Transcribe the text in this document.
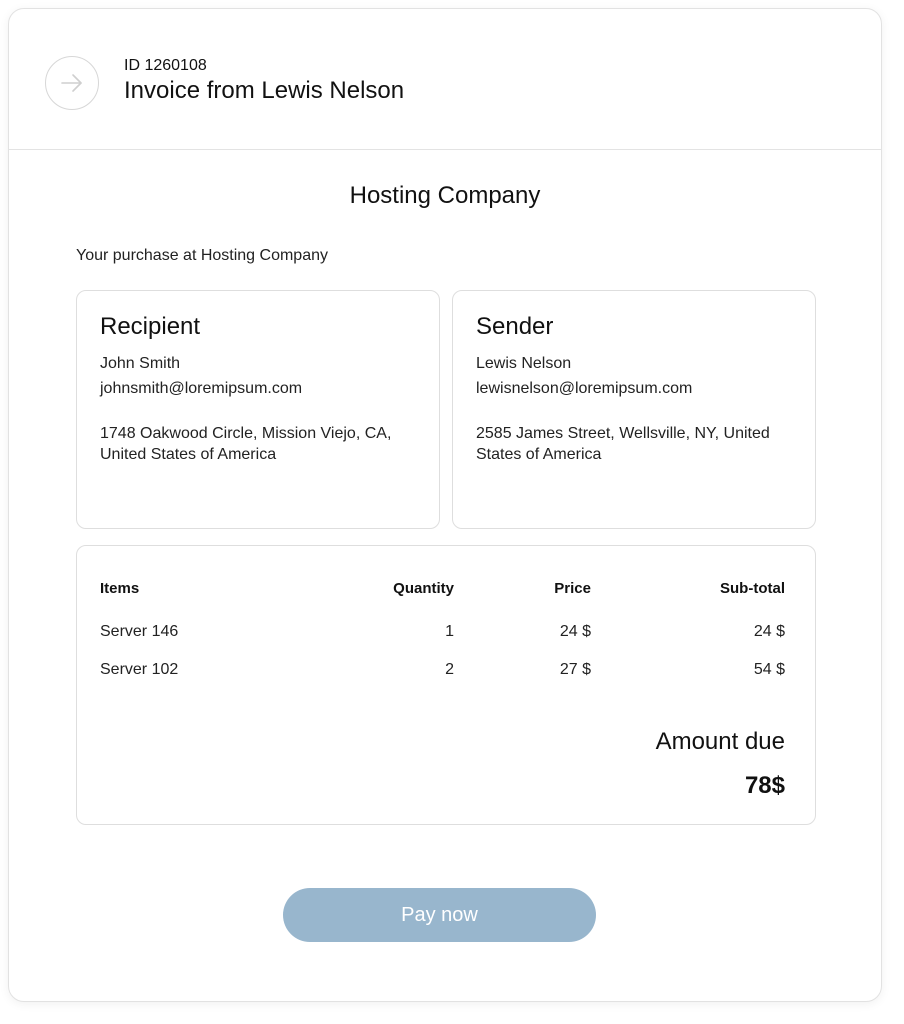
ID 1260108
Invoice from Lewis Nelson
Hosting Company
Your purchase at Hosting Company
Recipient
John Smith
johnsmith@loremipsum.com
1748 Oakwood Circle, Mission Viejo, CA, United States of America
Sender
Lewis Nelson
lewisnelson@loremipsum.com
2585 James Street, Wellsville, NY, United States of America
Items	Quantity	Price	Sub-total
Server 146	1	24 $	24 $
Server 102	2	27 $	54 $
Amount due
78$
Pay now
